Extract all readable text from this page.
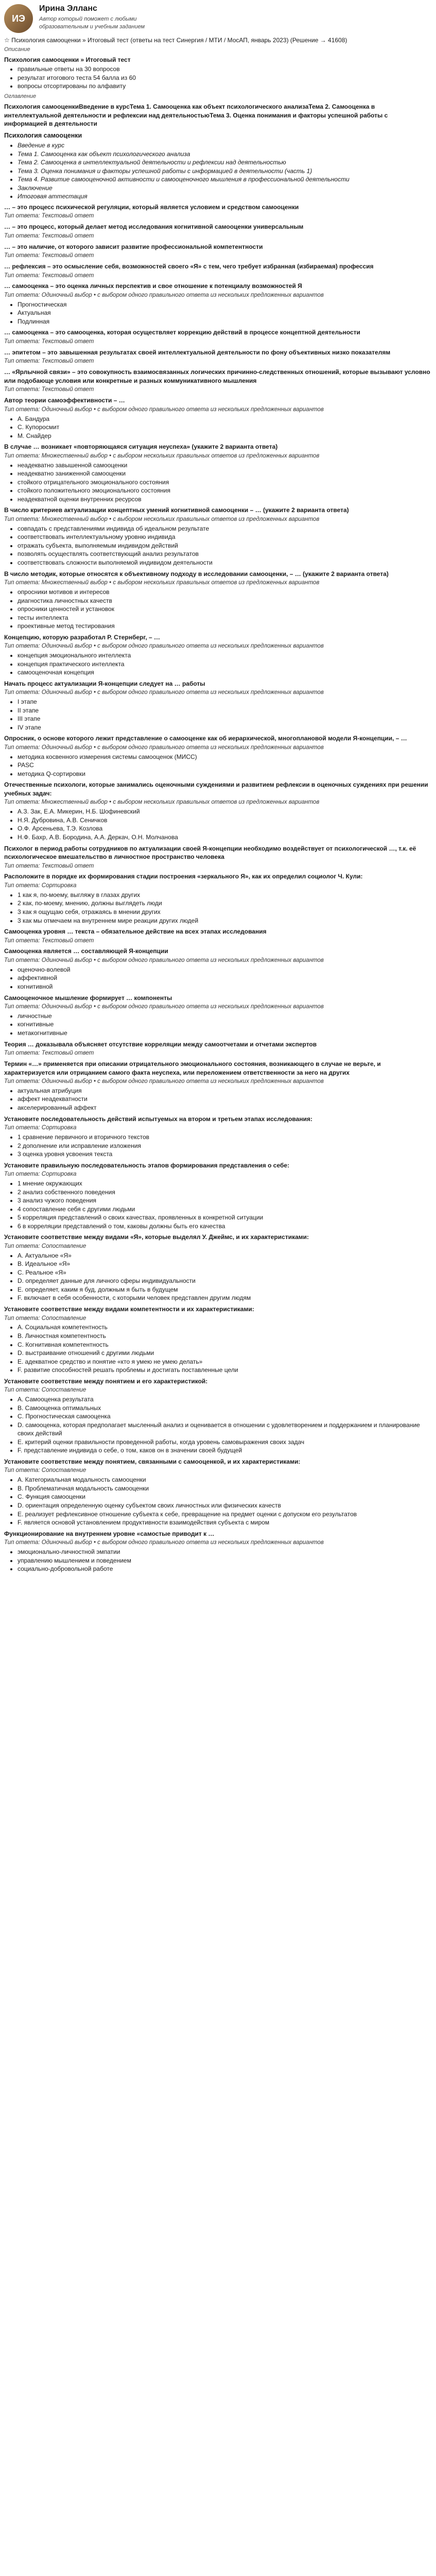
ИЭ

Ирина Элланс

Автор который поможет с любыми образовательным и учебным заданием
☆ Психология самооценки » Итоговый тест (ответы на тест Синергия / МТИ / МосАП, январь 2023) (Решение → 41608)
Описание
Психология самооценки » Итоговый тест
• правильные ответы на 30 вопросов
• результат итогового теста 54 балла из 60
• вопросы отсортированы по алфавиту
Оглавление
Психология самооценкиВведение в курсТема 1. Самооценка как объект психологического анализаТема 2. Самооценка в интеллектуальной деятельности и рефлексии над деятельностьюТема 3. Оценка понимания и факторы успешной работы с информацией в деятельности
Психология самооценки
• Введение в курс
• Тема 1. Самооценка как объект психологического анализа
• Тема 2. Самооценка в интеллектуальной деятельности и рефлексии над деятельностью
• Тема 3. Оценка понимания и факторы успешной работы с информацией в деятельности (часть 1)
• Тема 4. Развитие самооценочной активности и самооценочного мышления в профессиональной деятельности
• Заключение
• Итоговая аттестация
… – это процесс психической регуляции, который является условием и средством самооценки
Тип ответа: Текстовый ответ
… – это процесс, который делает метод исследования когнитивной самооценки универсальным
Тип ответа: Текстовый ответ
… – это наличие, от которого зависит развитие профессиональной компетентности
Тип ответа: Текстовый ответ
… рефлексия – это осмысление себя, возможностей своего «Я» с тем, чего требует избранная (избираемая) профессия
Тип ответа: Текстовый ответ
… самооценка – это оценка личных перспектив и свое отношение к потенциалу возможностей Я
Тип ответа: Одиночный выбор • с выбором одного правильного ответа из нескольких предложенных вариантов
• Прогностическая
• Актуальная
• Подлинная
… самооценка – это самооценка, которая осуществляет коррекцию действий в процессе концептной деятельности
Тип ответа: Текстовый ответ
… эпитетом – это завышенная результатах своей интеллектуальной деятельности по фону объективных низко показателям
Тип ответа: Текстовый ответ
… «Ярлычной связи» – это совокупность взаимосвязанных логических причинно-следственных отношений, которые вызывают условно или подобающе условия или конкретные и разных коммуникативного мышления
Тип ответа: Текстовый ответ
Автор теории самоэффективности – …
Тип ответа: Одиночный выбор • с выбором одного правильного ответа из нескольких предложенных вариантов
• А. Бандура
• С. Купоросмит
• М. Снайдер
В случае … возникает «повторяющаяся ситуация неуспеха» (укажите 2 варианта ответа)
Тип ответа: Множественный выбор • с выбором нескольких правильных ответов из предложенных вариантов
• неадекватно завышенной самооценки
• неадекватно заниженной самооценки
• стойкого отрицательного эмоционального состояния
• стойкого положительного эмоционального состояния
• неадекватной оценки внутренних ресурсов
В число критериев актуализации концептных умений когнитивной самооценки – … (укажите 2 варианта ответа)
Тип ответа: Множественный выбор • с выбором нескольких правильных ответов из предложенных вариантов
• совпадать с представлениями индивида об идеальном результате
• соответствовать интеллектуальному уровню индивида
• отражать субъекта, выполняемым индивидом действий
• позволять осуществлять соответствующий анализ результатов
• соответствовать сложности выполняемой индивидом деятельности
В число методик, которые относятся к объективному подходу в исследовании самооценки, – … (укажите 2 варианта ответа)
Тип ответа: Множественный выбор • с выбором нескольких правильных ответов из предложенных вариантов
• опросники мотивов и интересов
• диагностика личностных качеств
• опросники ценностей и установок
• тесты интеллекта
• проективные метод тестирования
Концепцию, которую разработал Р. Стернберг, – …
Тип ответа: Одиночный выбор • с выбором одного правильного ответа из нескольких предложенных вариантов
• концепция эмоционального интеллекта
• концепция практического интеллекта
• самооценочная концепция
Начать процесс актуализации Я-концепции следует на … работы
Тип ответа: Одиночный выбор • с выбором одного правильного ответа из нескольких предложенных вариантов
• I этапе
• II этапе
• III этапе
• IV этапе
Опросник, о основе которого лежит представление о самооценке как об иерархической, многоплановой модели Я-концепции, – …
Тип ответа: Одиночный выбор • с выбором одного правильного ответа из нескольких предложенных вариантов
• методика косвенного измерения системы самооценок (МИСС)
• PASC
• методика Q-сортировки
Отечественные психологи, которые занимались оценочными суждениями и развитием рефлексии в оценочных суждениях при решении учебных задач:
Тип ответа: Множественный выбор • с выбором нескольких правильных ответов из предложенных вариантов
• А.З. Зак, Е.А. Микерин, Н.Б. Шофиневский
• Н.Я. Дубровина, А.В. Сеничков
• О.Ф. Арсеньева, Т.Э. Козлова
• Н.Ф. Бахр, А.В. Бородина, А.А. Деркач, О.Н. Молчанова
Психолог в период работы сотрудников по актуализации своей Я-концепции необходимо воздействует от психологической …, т.к. её психологическое вмешательство в личностное пространство человека
Тип ответа: Текстовый ответ
Расположите в порядке их формирования стадии построения «зеркального Я», как их определил социолог Ч. Кули:
Тип ответа: Сортировка
• 1 как я, по-моему, выгляжу в глазах других
• 2 как, по-моему, мнению, должны выглядеть люди
• 3 как я ощущаю себя, отражаясь в мнении других
• 3 как мы отмечаем на внутреннем мире реакции других людей
Самооценка уровня … текста – обязательное действие на всех этапах исследования
Тип ответа: Текстовый ответ
Самооценка является … составляющей Я-концепции
Тип ответа: Одиночный выбор • с выбором одного правильного ответа из нескольких предложенных вариантов
• оценочно-волевой
• аффективной
• когнитивной
Самооценочное мышление формирует … компоненты
Тип ответа: Одиночный выбор • с выбором одного правильного ответа из нескольких предложенных вариантов
• личностные
• когнитивные
• метакогнитивные
Теория … доказывала объясняет отсутствие корреляции между самоотчетами и отчетами экспертов
Тип ответа: Текстовый ответ
Термин «…» применяется при описании отрицательного эмоционального состояния, возникающего в случае не верьте, и характеризуется или отрицанием самого факта неуспеха, или переложением ответственности за него на других
Тип ответа: Одиночный выбор • с выбором одного правильного ответа из нескольких предложенных вариантов
• актуальная атрибуция
• аффект неадекватности
• акселерированный аффект
Установите последовательность действий испытуемых на втором и третьем этапах исследования:
Тип ответа: Сортировка
• 1 сравнение первичного и вторичного текстов
• 2 дополнение или исправление изложения
• 3 оценка уровня усвоения текста
Установите правильную последовательность этапов формирования представления о себе:
Тип ответа: Сортировка
• 1 мнение окружающих
• 2 анализ собственного поведения
• 3 анализ чужого поведения
• 4 сопоставление себя с другими людьми
• 5 корреляция представлений о своих качествах, проявленных в конкретной ситуации
• 6 в корреляции представлений о том, каковы должны быть его качества
Установите соответствие между видами «Я», которые выделял У. Джеймс, и их характеристиками:
Тип ответа: Сопоставление
• A. Актуальное «Я»
• B. Идеальное «Я»
• C. Реальное «Я»
• D. определяет данные для личного сферы индивидуальности
• E. определяет, каким я буд, должным я быть в будущем
• F. включает в себя особенности, с которыми человек представлен другим людям
Установите соответствие между видами компетентности и их характеристиками:
Тип ответа: Сопоставление
• A. Социальная компетентность
• B. Личностная компетентность
• C. Когнитивная компетентность
• D. выстраивание отношений с другими людьми
• E. адекватное средство и понятие «кто я умею не умею делать»
• F. развитие способностей решать проблемы и достигать поставленные цели
Установите соответствие между понятием и его характеристикой:
Тип ответа: Сопоставление
• A. Самооценка результата
• B. Самооценка оптимальных
• C. Прогностическая самооценка
• D. самооценка, которая предполагает мысленный анализ и оценивается в отношении с удовлетворением и поддержанием и планирование своих действий
• E. критерий оценки правильности проведенной работы, когда уровень самовыражения своих задач
• F. представление индивида о себе, о том, каков он в значении своей будущей
Установите соответствие между понятием, связанными с самооценкой, и их характеристиками:
Тип ответа: Сопоставление
• A. Категориальная модальность самооценки
• B. Проблематичная модальность самооценки
• C. Функция самооценки
• D. ориентация определенную оценку субъектом своих личностных или физических качеств
• E. реализует рефлексивное отношение субъекта к себе, превращение на предмет оценки с допуском его результатов
• F. является основой установлением продуктивности взаимодействия субъекта с миром
Функционирование на внутреннем уровне «самостые приводит к …
Тип ответа: Одиночный выбор • с выбором одного правильного ответа из нескольких предложенных вариантов
• эмоционально-личностной эмпатии
• управлению мышлением и поведением
• социально-добровольной работе
